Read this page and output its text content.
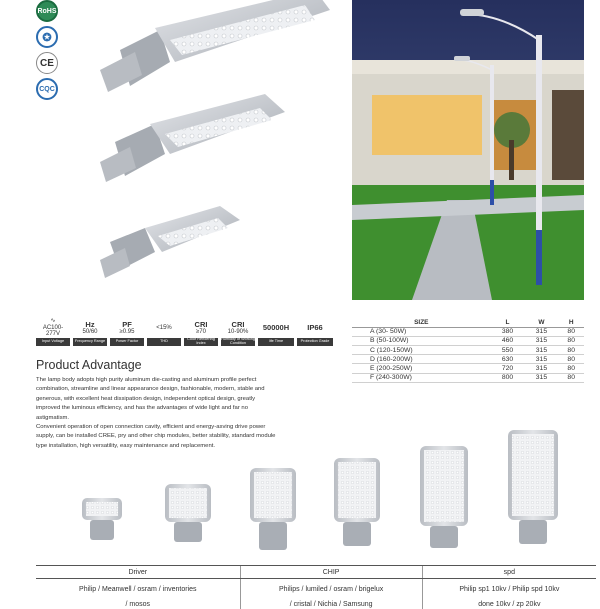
RoHS
✪
CE
CQC
∿
AC100-277V
Input Voltage
Hz
50/60
Frequency Range
PF
≥0.95
Power Factor
<15%
THD
CRI
≥70
Color Rendering Index
CRI
10-90%
Humidity of Working Condition
50000H
life Time
IP66
Protection Grade
SIZE	L	W	H
A (30- 50W)	380	315	80
B (50-100W)	460	315	80
C (120-150W)	550	315	80
D (160-200W)	630	315	80
E (200-250W)	720	315	80
F (240-300W)	800	315	80
Product Advantage

The lamp body adopts high purity aluminum die-casting and aluminum profile perfect

combination, streamline and linear appearance design, fashionable, modern, stable and

generous, with excellent heat dissipation design, independent optical design, greatly

improved the luminous efficiency, and has the advantages of wide light and far no

astigmatism.

Convenient operation of open connection cavity, efficient and energy-asving drive power

supply, can be installed CREE, pry and other chip modules, better stability, standard module

type installation, high versatility, easy maintenance and replacement.

Driver	CHIP	spd
Philip / Meanwell / osram / inventories	Philips / lumiled / osram / brigelux	Philip sp1 10kv / Philip spd 10kv
/ mosos	/ cristal / Nichia / Samsung	done 10kv / zp 20kv
